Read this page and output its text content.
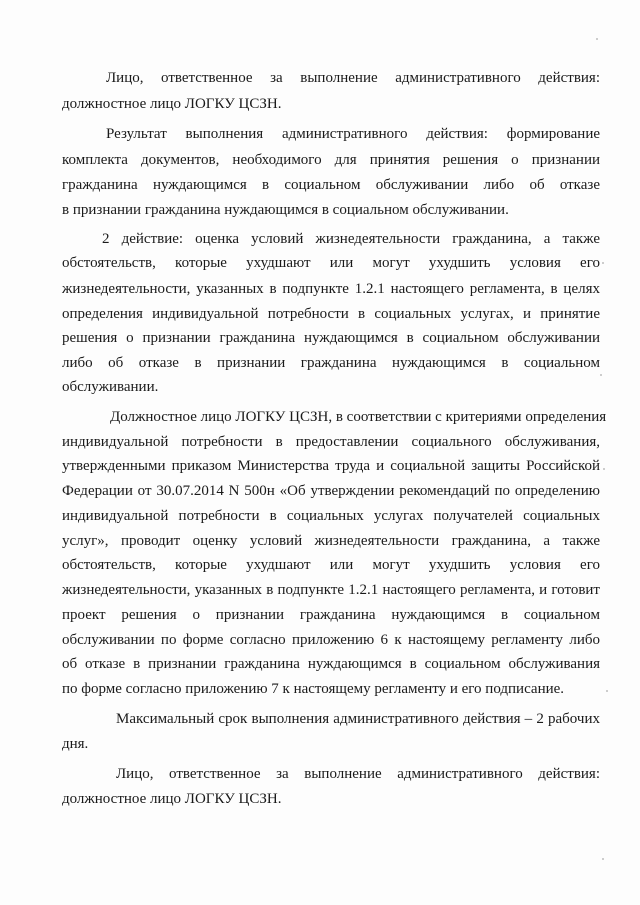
Лицо, ответственное за выполнение административного действия:
должностное лицо ЛОГКУ ЦСЗН.
Результат выполнения административного действия: формирование
комплекта документов, необходимого для принятия решения о признании
гражданина нуждающимся в социальном обслуживании либо об отказе
в признании гражданина нуждающимся в социальном обслуживании.
2 действие: оценка условий жизнедеятельности гражданина, а также
обстоятельств, которые ухудшают или могут ухудшить условия его
жизнедеятельности, указанных в подпункте 1.2.1 настоящего регламента, в целях
определения индивидуальной потребности в социальных услугах, и принятие
решения о признании гражданина нуждающимся в социальном обслуживании
либо об отказе в признании гражданина нуждающимся в социальном
обслуживании.
Должностное лицо ЛОГКУ ЦСЗН, в соответствии с критериями определения
индивидуальной потребности в предоставлении социального обслуживания,
утвержденными приказом Министерства труда и социальной защиты Российской
Федерации от 30.07.2014 N 500н «Об утверждении рекомендаций по определению
индивидуальной потребности в социальных услугах получателей социальных
услуг», проводит оценку условий жизнедеятельности гражданина, а также
обстоятельств, которые ухудшают или могут ухудшить условия его
жизнедеятельности, указанных в подпункте 1.2.1 настоящего регламента, и готовит
проект решения о признании гражданина нуждающимся в социальном
обслуживании по форме согласно приложению 6 к настоящему регламенту либо
об отказе в признании гражданина нуждающимся в социальном обслуживания
по форме согласно приложению 7 к настоящему регламенту и его подписание.
Максимальный срок выполнения административного действия – 2 рабочих
дня.
Лицо, ответственное за выполнение административного действия:
должностное лицо ЛОГКУ ЦСЗН.
